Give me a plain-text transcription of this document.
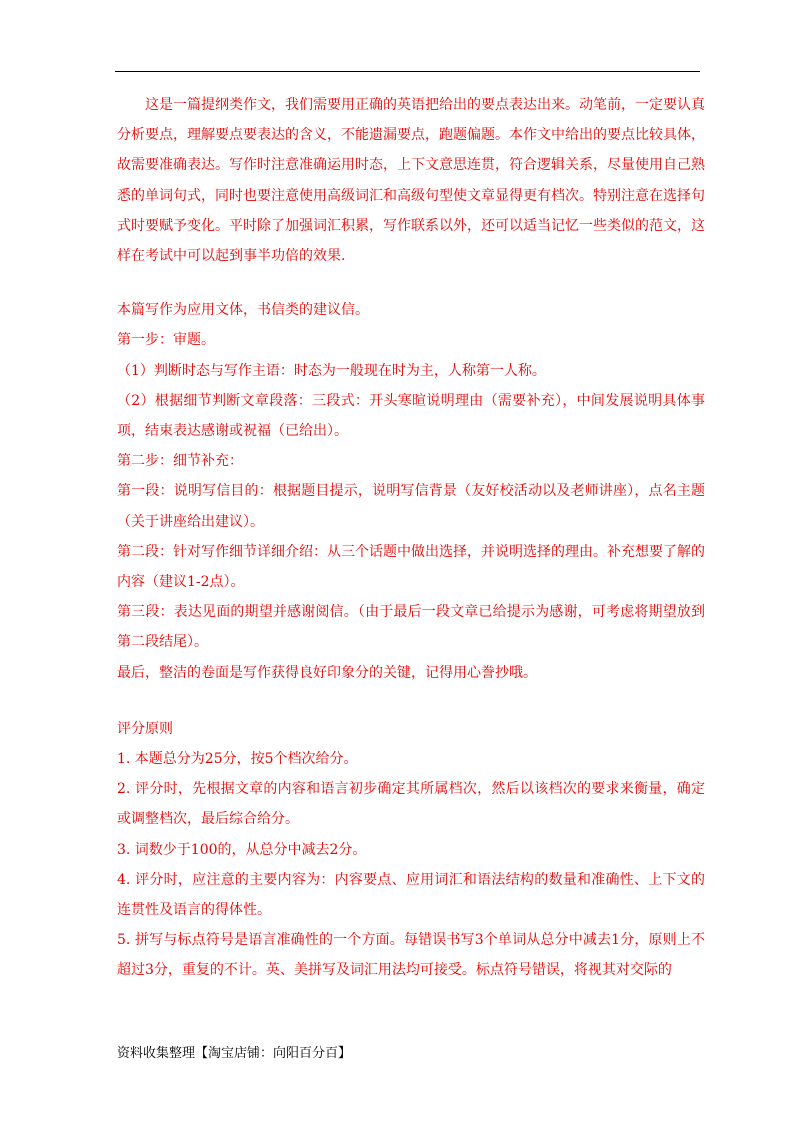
这是一篇提纲类作文，我们需要用正确的英语把给出的要点表达出来。动笔前，一定要认真分析要点，理解要点要表达的含义，不能遗漏要点，跑题偏题。本作文中给出的要点比较具体，故需要准确表达。写作时注意准确运用时态，上下文意思连贯，符合逻辑关系，尽量使用自己熟悉的单词句式，同时也要注意使用高级词汇和高级句型使文章显得更有档次。特别注意在选择句式时要赋予变化。平时除了加强词汇积累，写作联系以外，还可以适当记忆一些类似的范文，这样在考试中可以起到事半功倍的效果.

本篇写作为应用文体，书信类的建议信。

第一步：审题。

（1）判断时态与写作主语：时态为一般现在时为主，人称第一人称。

（2）根据细节判断文章段落：三段式：开头寒暄说明理由（需要补充），中间发展说明具体事项，结束表达感谢或祝福（已给出）。

第二步：细节补充：

第一段：说明写信目的：根据题目提示，说明写信背景（友好校活动以及老师讲座），点名主题（关于讲座给出建议）。

第二段：针对写作细节详细介绍：从三个话题中做出选择，并说明选择的理由。补充想要了解的内容（建议1-2点）。

第三段：表达见面的期望并感谢阅信。（由于最后一段文章已给提示为感谢，可考虑将期望放到第二段结尾）。

最后，整洁的卷面是写作获得良好印象分的关键，记得用心誊抄哦。

评分原则

1. 本题总分为25分，按5个档次给分。

2. 评分时，先根据文章的内容和语言初步确定其所属档次，然后以该档次的要求来衡量，确定或调整档次，最后综合给分。

3. 词数少于100的，从总分中减去2分。

4. 评分时，应注意的主要内容为：内容要点、应用词汇和语法结构的数量和准确性、上下文的连贯性及语言的得体性。

5. 拼写与标点符号是语言准确性的一个方面。每错误书写3个单词从总分中减去1分，原则上不超过3分，重复的不计。英、美拼写及词汇用法均可接受。标点符号错误，将视其对交际的

资料收集整理【淘宝店铺：向阳百分百】
